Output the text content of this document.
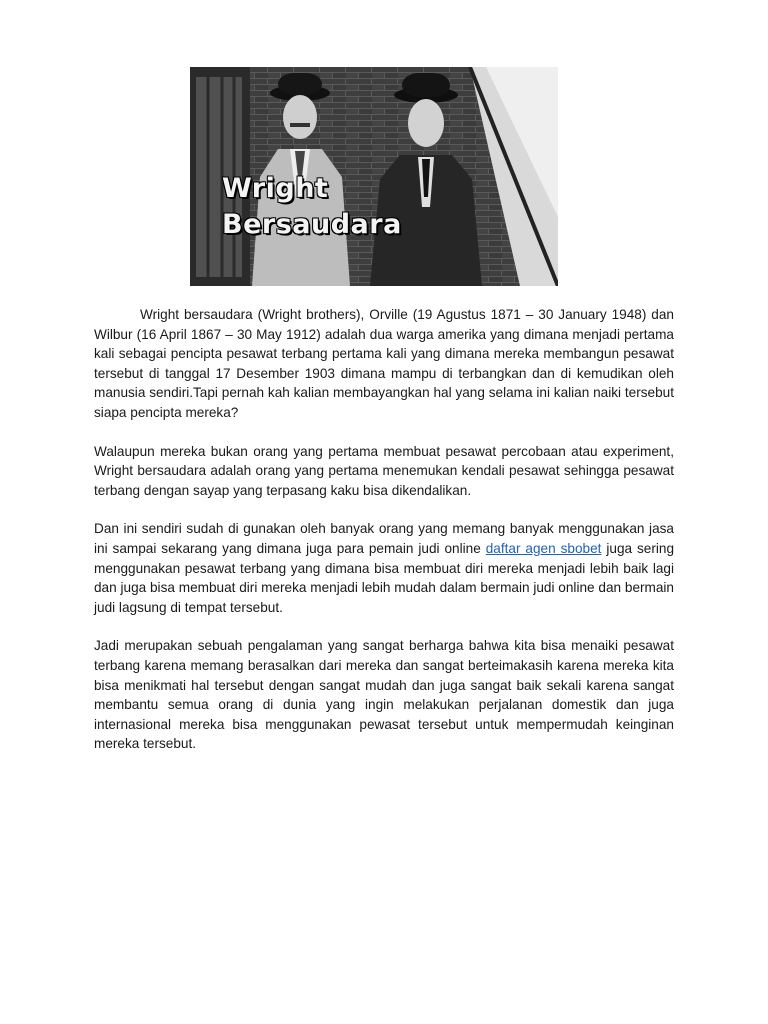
Wright
Bersaudara

Wright bersaudara (Wright brothers), Orville (19 Agustus 1871 – 30 January 1948) dan Wilbur (16 April 1867 – 30 May 1912) adalah dua warga amerika yang dimana menjadi pertama kali sebagai pencipta pesawat terbang pertama kali yang dimana mereka membangun pesawat tersebut di tanggal 17 Desember 1903 dimana mampu di terbangkan dan di kemudikan oleh manusia sendiri.Tapi pernah kah kalian membayangkan hal yang selama ini kalian naiki tersebut siapa pencipta mereka?

Walaupun mereka bukan orang yang pertama membuat pesawat percobaan atau experiment, Wright bersaudara adalah orang yang pertama menemukan kendali pesawat sehingga pesawat terbang dengan sayap yang terpasang kaku bisa dikendalikan.

Dan ini sendiri sudah di gunakan oleh banyak orang yang memang banyak menggunakan jasa ini sampai sekarang yang dimana juga para pemain judi online daftar agen sbobet juga sering menggunakan pesawat terbang yang dimana bisa membuat diri mereka menjadi lebih baik lagi dan juga bisa membuat diri mereka menjadi lebih mudah dalam bermain judi online dan bermain judi lagsung di tempat tersebut.

Jadi merupakan sebuah pengalaman yang sangat berharga bahwa kita bisa menaiki pesawat terbang karena memang berasalkan dari mereka dan sangat berteimakasih karena mereka kita bisa menikmati hal tersebut dengan sangat mudah dan juga sangat baik sekali karena sangat membantu semua orang di dunia yang ingin melakukan perjalanan domestik dan juga internasional mereka bisa menggunakan pewasat tersebut untuk mempermudah keinginan mereka tersebut.
